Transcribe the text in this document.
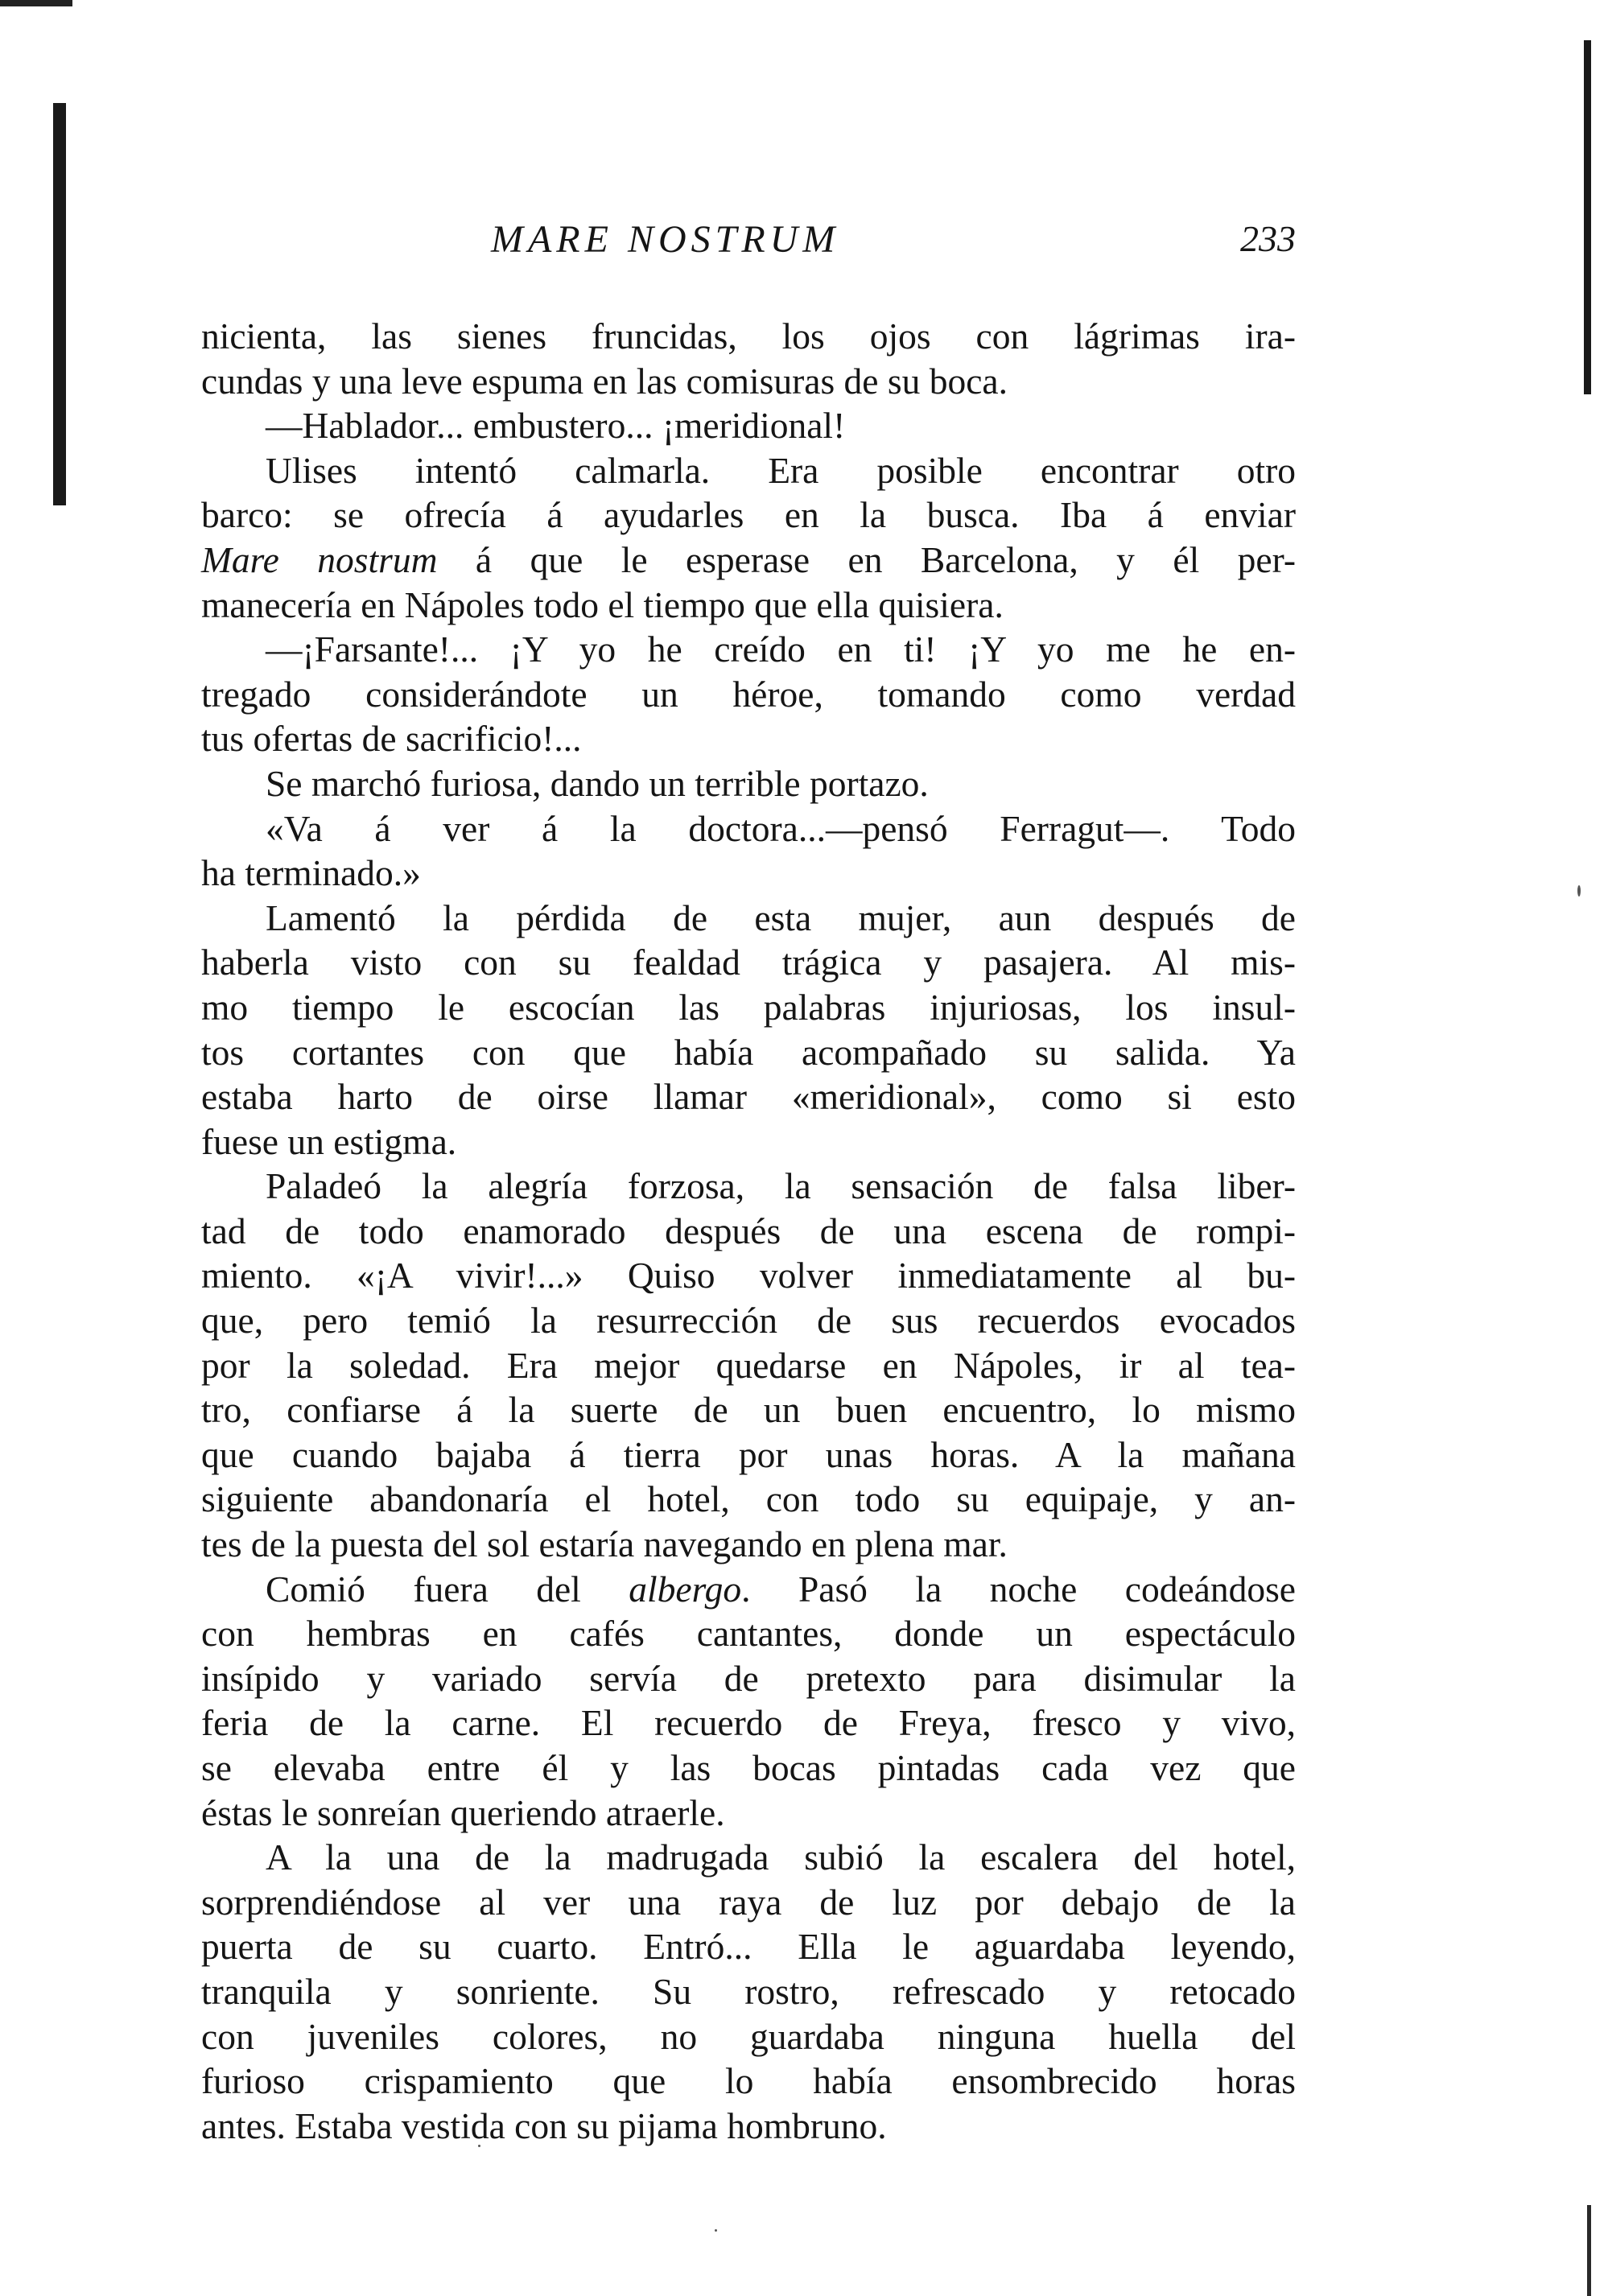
MARE NOSTRUM	233
nicienta, las sienes fruncidas, los ojos con lágrimas ira-
cundas y una leve espuma en las comisuras de su boca.
—Hablador... embustero... ¡meridional!
Ulises intentó calmarla. Era posible encontrar otro
barco: se ofrecía á ayudarles en la busca. Iba á enviar
Mare nostrum á que le esperase en Barcelona, y él per-
manecería en Nápoles todo el tiempo que ella quisiera.
—¡Farsante!... ¡Y yo he creído en ti! ¡Y yo me he en-
tregado considerándote un héroe, tomando como verdad
tus ofertas de sacrificio!...
Se marchó furiosa, dando un terrible portazo.
«Va á ver á la doctora...—pensó Ferragut—. Todo
ha terminado.»
Lamentó la pérdida de esta mujer, aun después de
haberla visto con su fealdad trágica y pasajera. Al mis-
mo tiempo le escocían las palabras injuriosas, los insul-
tos cortantes con que había acompañado su salida. Ya
estaba harto de oirse llamar «meridional», como si esto
fuese un estigma.
Paladeó la alegría forzosa, la sensación de falsa liber-
tad de todo enamorado después de una escena de rompi-
miento. «¡A vivir!...» Quiso volver inmediatamente al bu-
que, pero temió la resurrección de sus recuerdos evocados
por la soledad. Era mejor quedarse en Nápoles, ir al tea-
tro, confiarse á la suerte de un buen encuentro, lo mismo
que cuando bajaba á tierra por unas horas. A la mañana
siguiente abandonaría el hotel, con todo su equipaje, y an-
tes de la puesta del sol estaría navegando en plena mar.
Comió fuera del albergo. Pasó la noche codeándose
con hembras en cafés cantantes, donde un espectáculo
insípido y variado servía de pretexto para disimular la
feria de la carne. El recuerdo de Freya, fresco y vivo,
se elevaba entre él y las bocas pintadas cada vez que
éstas le sonreían queriendo atraerle.
A la una de la madrugada subió la escalera del hotel,
sorprendiéndose al ver una raya de luz por debajo de la
puerta de su cuarto. Entró... Ella le aguardaba leyendo,
tranquila y sonriente. Su rostro, refrescado y retocado
con juveniles colores, no guardaba ninguna huella del
furioso crispamiento que lo había ensombrecido horas
antes. Estaba vestida con su pijama hombruno.
